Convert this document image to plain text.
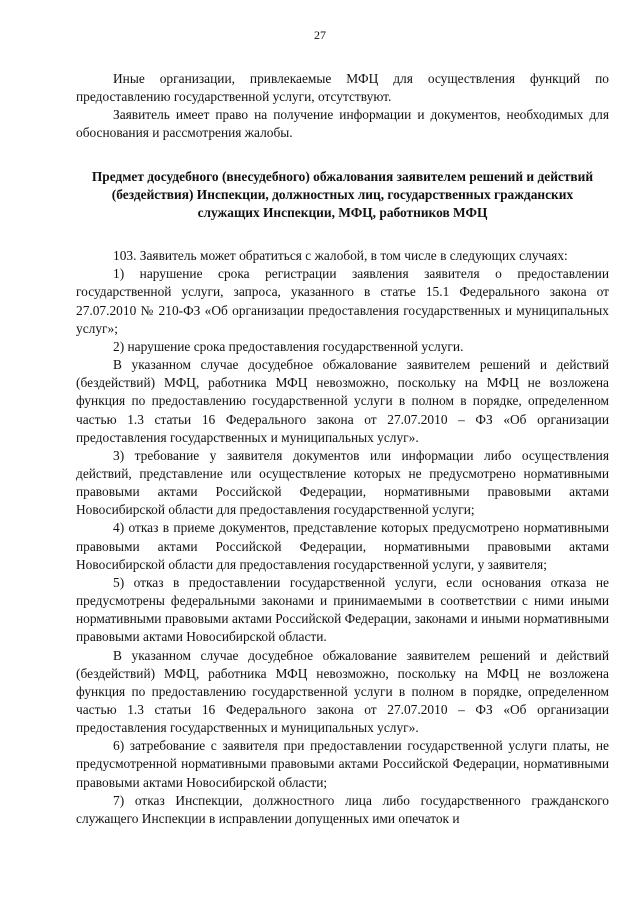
27

Иные организации, привлекаемые МФЦ для осуществления функций по предоставлению государственной услуги, отсутствуют.

Заявитель имеет право на получение информации и документов, необходимых для обоснования и рассмотрения жалобы.

Предмет досудебного (внесудебного) обжалования заявителем решений и действий (бездействия) Инспекции, должностных лиц, государственных гражданских служащих Инспекции, МФЦ, работников МФЦ

103. Заявитель может обратиться с жалобой, в том числе в следующих случаях:

1) нарушение срока регистрации заявления заявителя о предоставлении государственной услуги, запроса, указанного в статье 15.1 Федерального закона от 27.07.2010 № 210-ФЗ «Об организации предоставления государственных и муниципальных услуг»;

2) нарушение срока предоставления государственной услуги.

В указанном случае досудебное обжалование заявителем решений и действий (бездействий) МФЦ, работника МФЦ невозможно, поскольку на МФЦ не возложена функция по предоставлению государственной услуги в полном в порядке, определенном частью 1.3 статьи 16 Федерального закона от 27.07.2010 – ФЗ «Об организации предоставления государственных и муниципальных услуг».

3) требование у заявителя документов или информации либо осуществления действий, представление или осуществление которых не предусмотрено нормативными правовыми актами Российской Федерации, нормативными правовыми актами Новосибирской области для предоставления государственной услуги;

4) отказ в приеме документов, представление которых предусмотрено нормативными правовыми актами Российской Федерации, нормативными правовыми актами Новосибирской области для предоставления государственной услуги, у заявителя;

5) отказ в предоставлении государственной услуги, если основания отказа не предусмотрены федеральными законами и принимаемыми в соответствии с ними иными нормативными правовыми актами Российской Федерации, законами и иными нормативными правовыми актами Новосибирской области.

В указанном случае досудебное обжалование заявителем решений и действий (бездействий) МФЦ, работника МФЦ невозможно, поскольку на МФЦ не возложена функция по предоставлению государственной услуги в полном в порядке, определенном частью 1.3 статьи 16 Федерального закона от 27.07.2010 – ФЗ «Об организации предоставления государственных и муниципальных услуг».

6) затребование с заявителя при предоставлении государственной услуги платы, не предусмотренной нормативными правовыми актами Российской Федерации, нормативными правовыми актами Новосибирской области;

7) отказ Инспекции, должностного лица либо государственного гражданского служащего Инспекции в исправлении допущенных ими опечаток и
